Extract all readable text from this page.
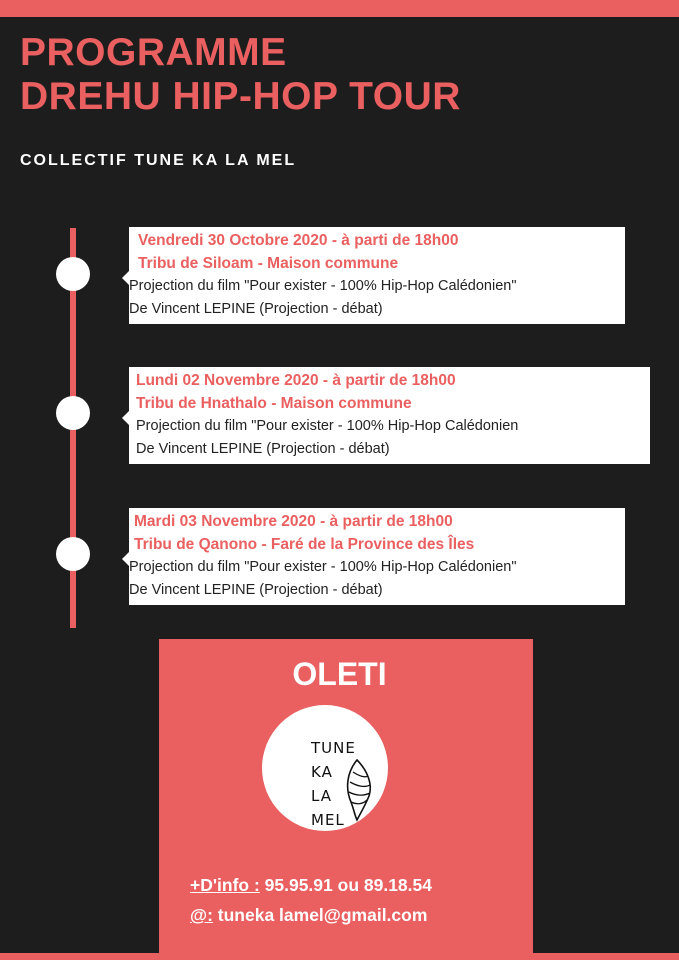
PROGRAMME
DREHU HIP-HOP TOUR

COLLECTIF TUNE KA LA MEL

Vendredi 30 Octobre 2020 - à parti de 18h00
Tribu de Siloam - Maison commune
Projection du film "Pour exister - 100% Hip-Hop Calédonien"
De Vincent LEPINE (Projection - débat)
Lundi 02 Novembre 2020 - à partir de 18h00
Tribu de Hnathalo - Maison commune
Projection du film "Pour exister - 100% Hip-Hop Calédonien
De Vincent LEPINE (Projection - débat)
Mardi 03 Novembre 2020 - à partir de 18h00
Tribu de Qanono - Faré de la Province des Îles
Projection du film "Pour exister - 100% Hip-Hop Calédonien"
De Vincent LEPINE (Projection - débat)

OLETI

TUNE
KA
LA
MEL
+D'info : 95.95.91 ou 89.18.54
@: tuneka lamel@gmail.com
